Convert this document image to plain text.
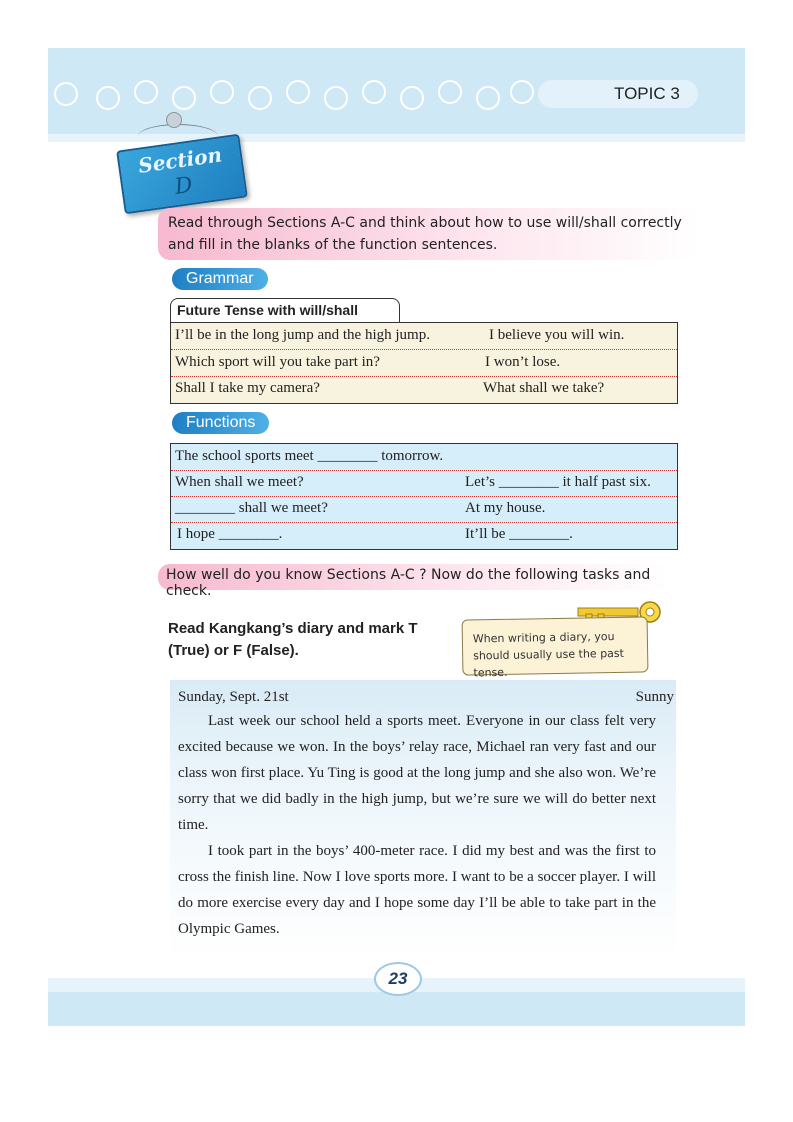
TOPIC 3
Section
D
Read through Sections A-C and think about how to use will/shall correctly and fill in the blanks of the function sentences.
Grammar
Future Tense with will/shall
I’ll be in the long jump and the high jump.	I believe you will win.
Which sport will you take part in?	I won’t lose.
Shall I take my camera?	What shall we take?
Functions
The school sports meet ________ tomorrow.
When shall we meet?	Let’s ________ it half past six.
________ shall we meet?	At my house.
I hope ________.	It’ll be ________.
How well do you know Sections A-C ? Now do the following tasks and check.
Read Kangkang’s diary and mark T (True) or F (False).
When writing a diary, you should usually use the past tense.
Sunday, Sept. 21st	Sunny
Last week our school held a sports meet. Everyone in our class felt very excited because we won. In the boys’ relay race, Michael ran very fast and our class won first place. Yu Ting is good at the long jump and she also won. We’re sorry that we did badly in the high jump, but we’re sure we will do better next time.
I took part in the boys’ 400-meter race. I did my best and was the first to cross the finish line. Now I love sports more. I want to be a soccer player. I will do more exercise every day and I hope some day I’ll be able to take part in the Olympic Games.
23
